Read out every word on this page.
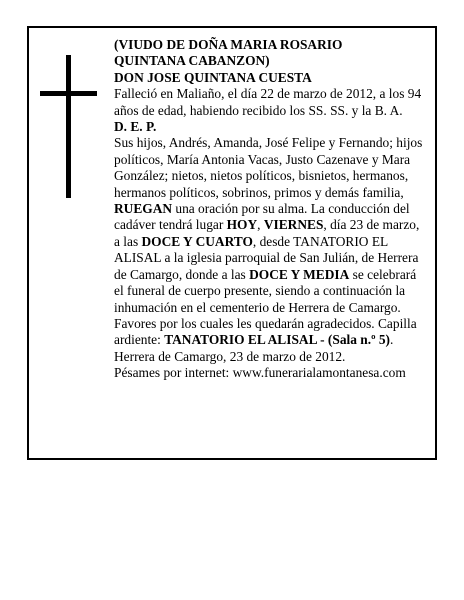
(VIUDO DE DOÑA MARIA ROSARIO

QUINTANA CABANZON)

DON JOSE QUINTANA CUESTA

Falleció en Maliaño, el día 22 de marzo de 2012, a los 94 años de edad, habiendo recibido los SS. SS. y la B. A.

D. E. P.

Sus hijos, Andrés, Amanda, José Felipe y Fernando; hijos políticos, María Antonia Vacas, Justo Cazenave y Mara González; nietos, nietos políticos, bisnietos, hermanos, hermanos políticos, sobrinos, primos y demás familia,

RUEGAN una oración por su alma. La conducción del cadáver tendrá lugar HOY, VIERNES, día 23 de marzo, a las DOCE Y CUARTO, desde TANATORIO EL ALISAL a la iglesia parroquial de San Julián, de Herrera de Camargo, donde a las DOCE Y MEDIA se celebrará el funeral de cuerpo presente, siendo a continuación la inhumación en el cementerio de Herrera de Camargo. Favores por los cuales les quedarán agradecidos. Capilla ardiente: TANATORIO EL ALISAL - (Sala n.º 5).

Herrera de Camargo, 23 de marzo de 2012.

Pésames por internet: www.funerarialamontanesa.com
